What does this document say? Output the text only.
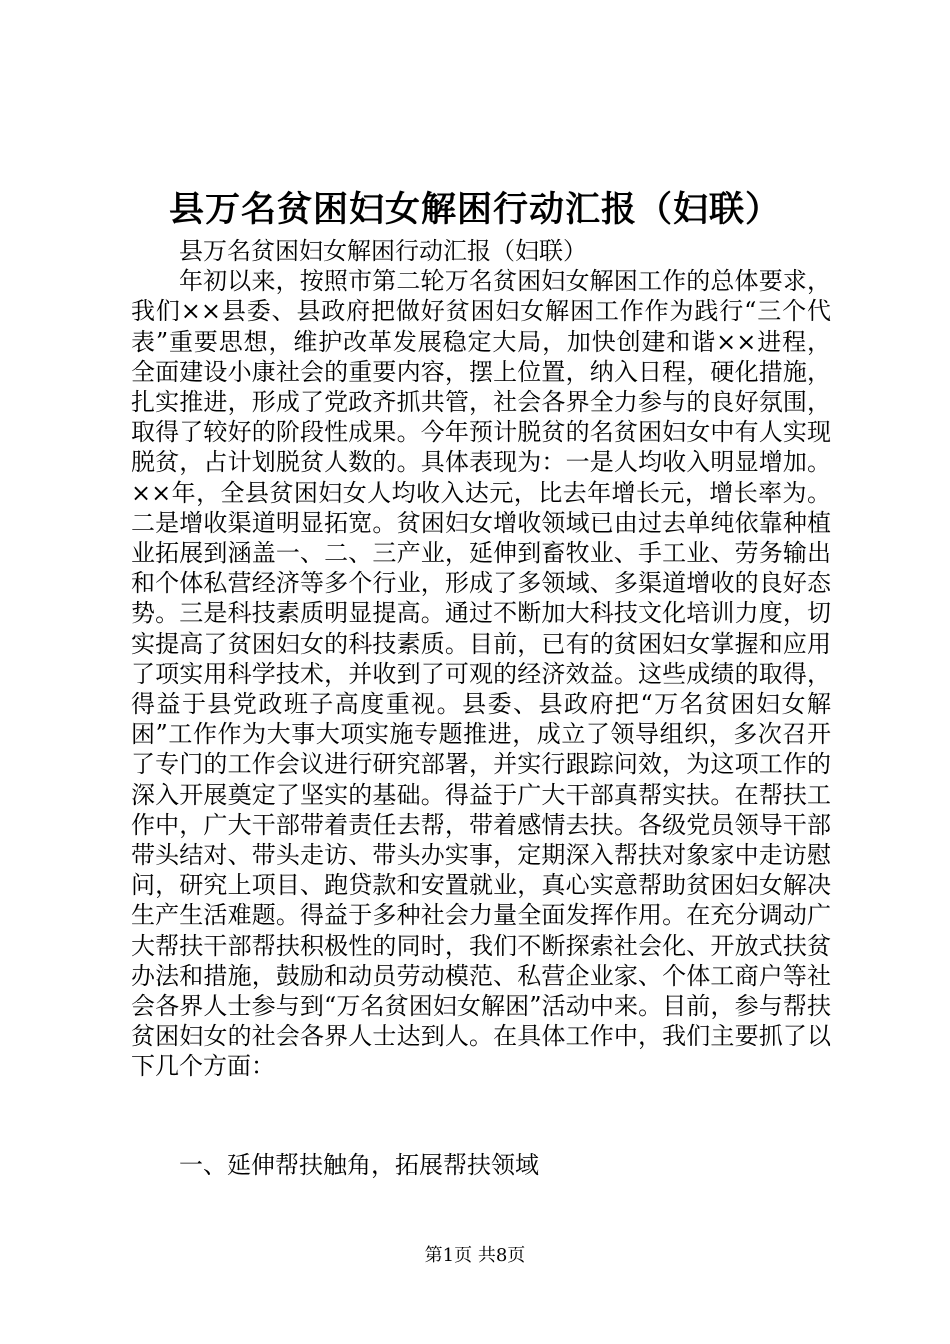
县万名贫困妇女解困行动汇报（妇联）

县万名贫困妇女解困行动汇报（妇联）

年初以来，按照市第二轮万名贫困妇女解困工作的总体要求，我们××县委、县政府把做好贫困妇女解困工作作为践行“三个代表”重要思想，维护改革发展稳定大局，加快创建和谐××进程，全面建设小康社会的重要内容，摆上位置，纳入日程，硬化措施，扎实推进，形成了党政齐抓共管，社会各界全力参与的良好氛围，取得了较好的阶段性成果。今年预计脱贫的名贫困妇女中有人实现脱贫，占计划脱贫人数的。具体表现为：一是人均收入明显增加。××年，全县贫困妇女人均收入达元，比去年增长元，增长率为。二是增收渠道明显拓宽。贫困妇女增收领域已由过去单纯依靠种植业拓展到涵盖一、二、三产业，延伸到畜牧业、手工业、劳务输出和个体私营经济等多个行业，形成了多领域、多渠道增收的良好态势。三是科技素质明显提高。通过不断加大科技文化培训力度，切实提高了贫困妇女的科技素质。目前，已有的贫困妇女掌握和应用了项实用科学技术，并收到了可观的经济效益。这些成绩的取得，得益于县党政班子高度重视。县委、县政府把“万名贫困妇女解困”工作作为大事大项实施专题推进，成立了领导组织，多次召开了专门的工作会议进行研究部署，并实行跟踪问效，为这项工作的深入开展奠定了坚实的基础。得益于广大干部真帮实扶。在帮扶工作中，广大干部带着责任去帮，带着感情去扶。各级党员领导干部带头结对、带头走访、带头办实事，定期深入帮扶对象家中走访慰问，研究上项目、跑贷款和安置就业，真心实意帮助贫困妇女解决生产生活难题。得益于多种社会力量全面发挥作用。在充分调动广大帮扶干部帮扶积极性的同时，我们不断探索社会化、开放式扶贫办法和措施，鼓励和动员劳动模范、私营企业家、个体工商户等社会各界人士参与到“万名贫困妇女解困”活动中来。目前，参与帮扶贫困妇女的社会各界人士达到人。在具体工作中，我们主要抓了以下几个方面：

一、延伸帮扶触角，拓展帮扶领域

第1页 共8页
